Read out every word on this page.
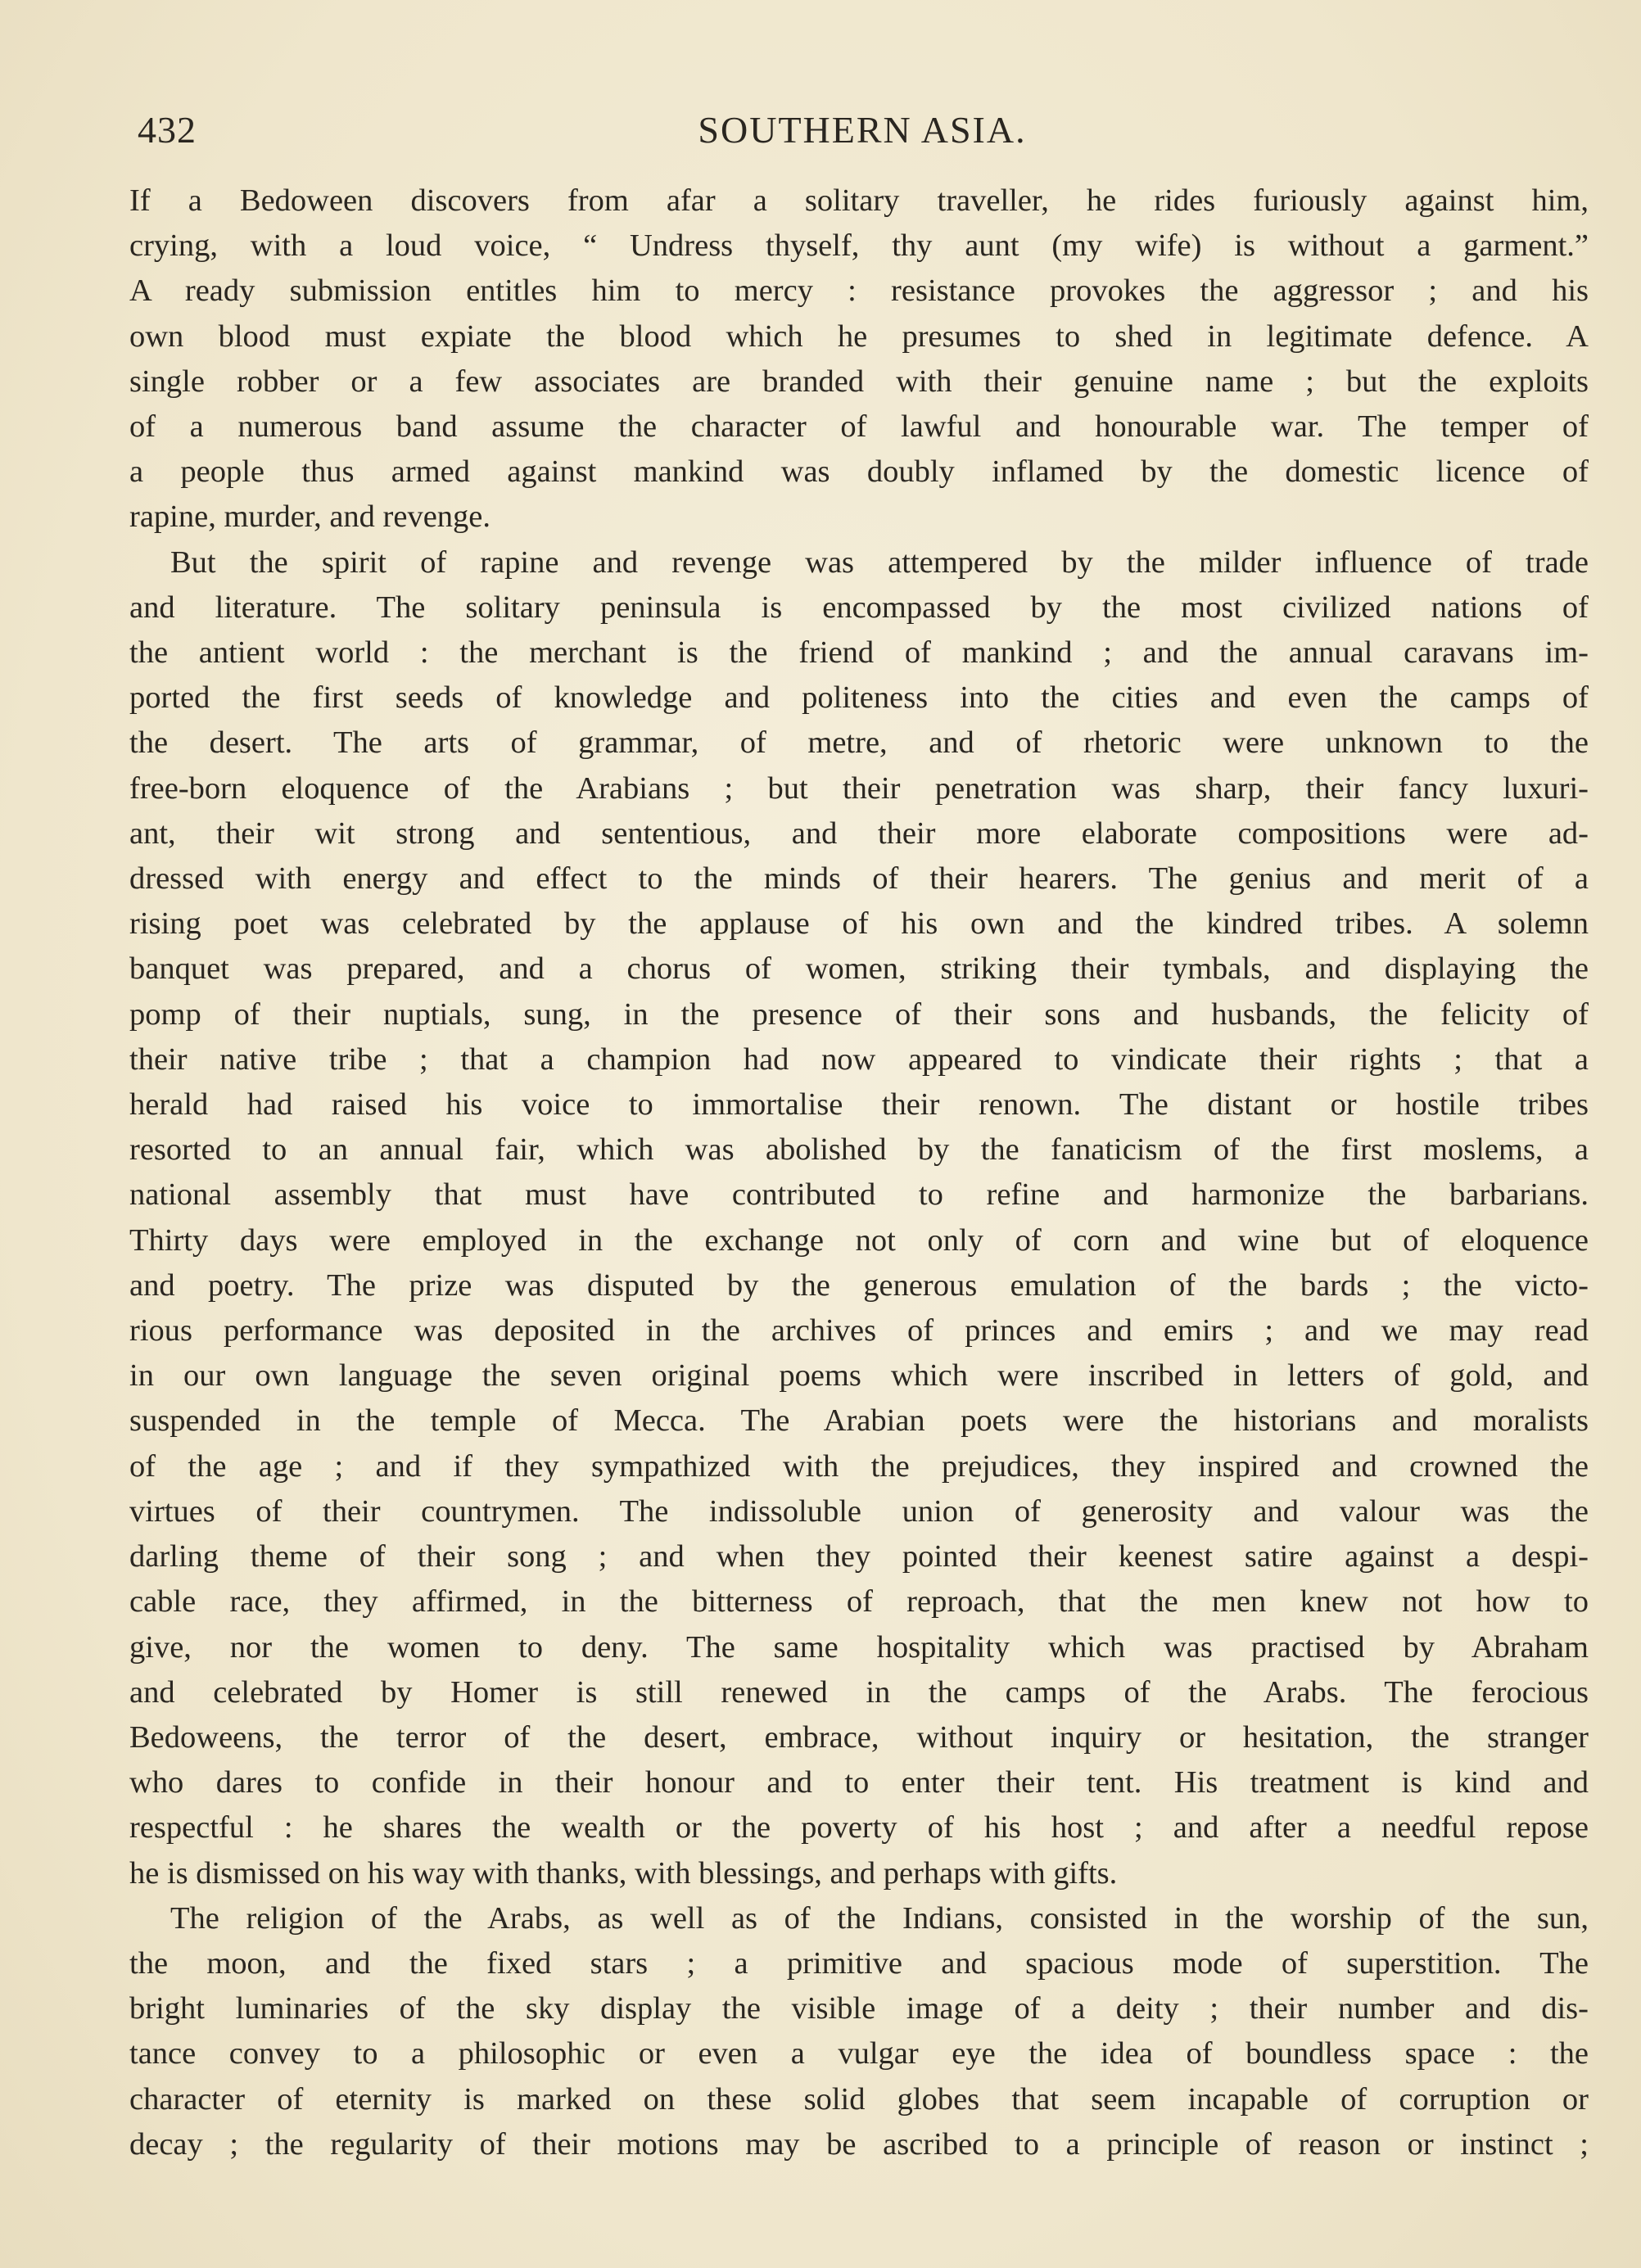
432	SOUTHERN ASIA.

If a Bedoween discovers from afar a solitary traveller, he rides furiously against him,
crying, with a loud voice, “ Undress thyself, thy aunt (my wife) is without a garment.”
A ready submission entitles him to mercy : resistance provokes the aggressor ; and his
own blood must expiate the blood which he presumes to shed in legitimate defence. A
single robber or a few associates are branded with their genuine name ; but the exploits
of a numerous band assume the character of lawful and honourable war. The temper of
a people thus armed against mankind was doubly inflamed by the domestic licence of
rapine, murder, and revenge.

But the spirit of rapine and revenge was attempered by the milder influence of trade
and literature. The solitary peninsula is encompassed by the most civilized nations of
the antient world : the merchant is the friend of mankind ; and the annual caravans im-
ported the first seeds of knowledge and politeness into the cities and even the camps of
the desert. The arts of grammar, of metre, and of rhetoric were unknown to the
free-born eloquence of the Arabians ; but their penetration was sharp, their fancy luxuri-
ant, their wit strong and sententious, and their more elaborate compositions were ad-
dressed with energy and effect to the minds of their hearers. The genius and merit of a
rising poet was celebrated by the applause of his own and the kindred tribes. A solemn
banquet was prepared, and a chorus of women, striking their tymbals, and displaying the
pomp of their nuptials, sung, in the presence of their sons and husbands, the felicity of
their native tribe ; that a champion had now appeared to vindicate their rights ; that a
herald had raised his voice to immortalise their renown. The distant or hostile tribes
resorted to an annual fair, which was abolished by the fanaticism of the first moslems, a
national assembly that must have contributed to refine and harmonize the barbarians.
Thirty days were employed in the exchange not only of corn and wine but of eloquence
and poetry. The prize was disputed by the generous emulation of the bards ; the victo-
rious performance was deposited in the archives of princes and emirs ; and we may read
in our own language the seven original poems which were inscribed in letters of gold, and
suspended in the temple of Mecca. The Arabian poets were the historians and moralists
of the age ; and if they sympathized with the prejudices, they inspired and crowned the
virtues of their countrymen. The indissoluble union of generosity and valour was the
darling theme of their song ; and when they pointed their keenest satire against a despi-
cable race, they affirmed, in the bitterness of reproach, that the men knew not how to
give, nor the women to deny. The same hospitality which was practised by Abraham
and celebrated by Homer is still renewed in the camps of the Arabs. The ferocious
Bedoweens, the terror of the desert, embrace, without inquiry or hesitation, the stranger
who dares to confide in their honour and to enter their tent. His treatment is kind and
respectful : he shares the wealth or the poverty of his host ; and after a needful repose
he is dismissed on his way with thanks, with blessings, and perhaps with gifts.

The religion of the Arabs, as well as of the Indians, consisted in the worship of the sun,
the moon, and the fixed stars ; a primitive and spacious mode of superstition. The
bright luminaries of the sky display the visible image of a deity ; their number and dis-
tance convey to a philosophic or even a vulgar eye the idea of boundless space : the
character of eternity is marked on these solid globes that seem incapable of corruption or
decay ; the regularity of their motions may be ascribed to a principle of reason or instinct ;
